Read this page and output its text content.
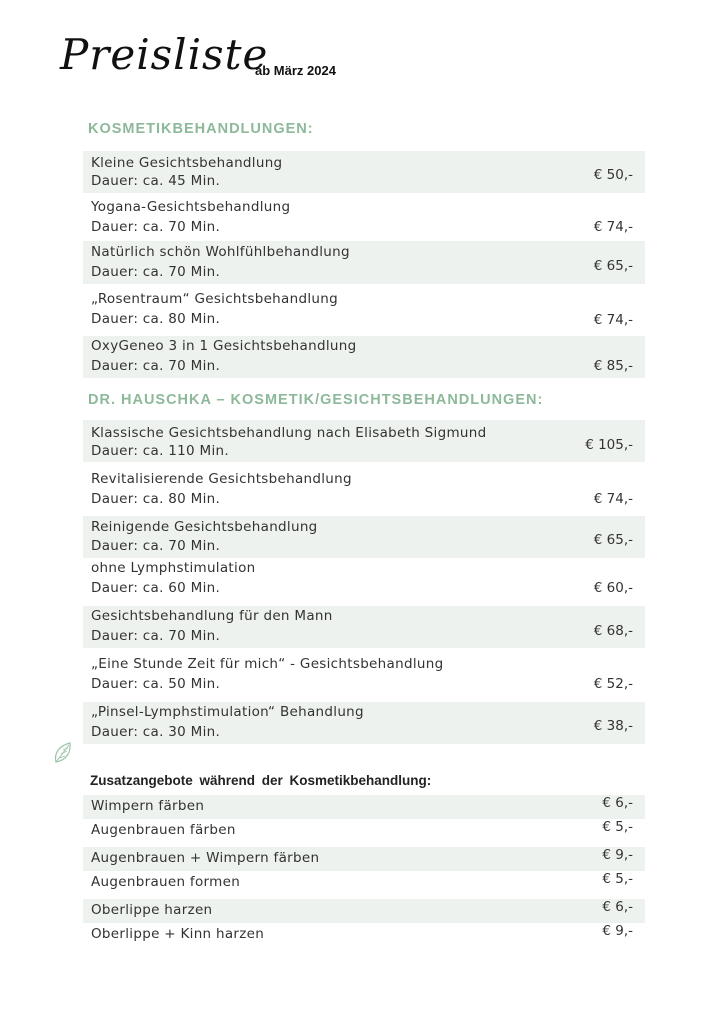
Preisliste
ab März 2024
KOSMETIKBEHANDLUNGEN:
Kleine Gesichtsbehandlung
Dauer: ca. 45 Min.	€ 50,-
Yogana-Gesichtsbehandlung
Dauer: ca. 70 Min.	€ 74,-
Natürlich schön Wohlfühlbehandlung
Dauer: ca. 70 Min.	€ 65,-
„Rosentraum“ Gesichtsbehandlung
Dauer: ca. 80 Min.	€ 74,-
OxyGeneo 3 in 1 Gesichtsbehandlung
Dauer: ca. 70 Min.	€ 85,-
DR. HAUSCHKA – KOSMETIK/GESICHTSBEHANDLUNGEN:
Klassische Gesichtsbehandlung nach Elisabeth Sigmund
Dauer: ca. 110 Min.	€ 105,-
Revitalisierende Gesichtsbehandlung
Dauer: ca. 80 Min.	€ 74,-
Reinigende Gesichtsbehandlung
Dauer: ca. 70 Min.	€ 65,-
ohne Lymphstimulation
Dauer: ca. 60 Min.	€ 60,-
Gesichtsbehandlung für den Mann
Dauer: ca. 70 Min.	€ 68,-
„Eine Stunde Zeit für mich“ - Gesichtsbehandlung
Dauer: ca. 50 Min.	€ 52,-
„Pinsel-Lymphstimulation“ Behandlung
Dauer: ca. 30 Min.	€ 38,-
Zusatzangebote während der Kosmetikbehandlung:
Wimpern färben	€ 6,-
Augenbrauen färben	€ 5,-
Augenbrauen + Wimpern färben	€ 9,-
Augenbrauen formen	€ 5,-
Oberlippe harzen	€ 6,-
Oberlippe + Kinn harzen	€ 9,-
